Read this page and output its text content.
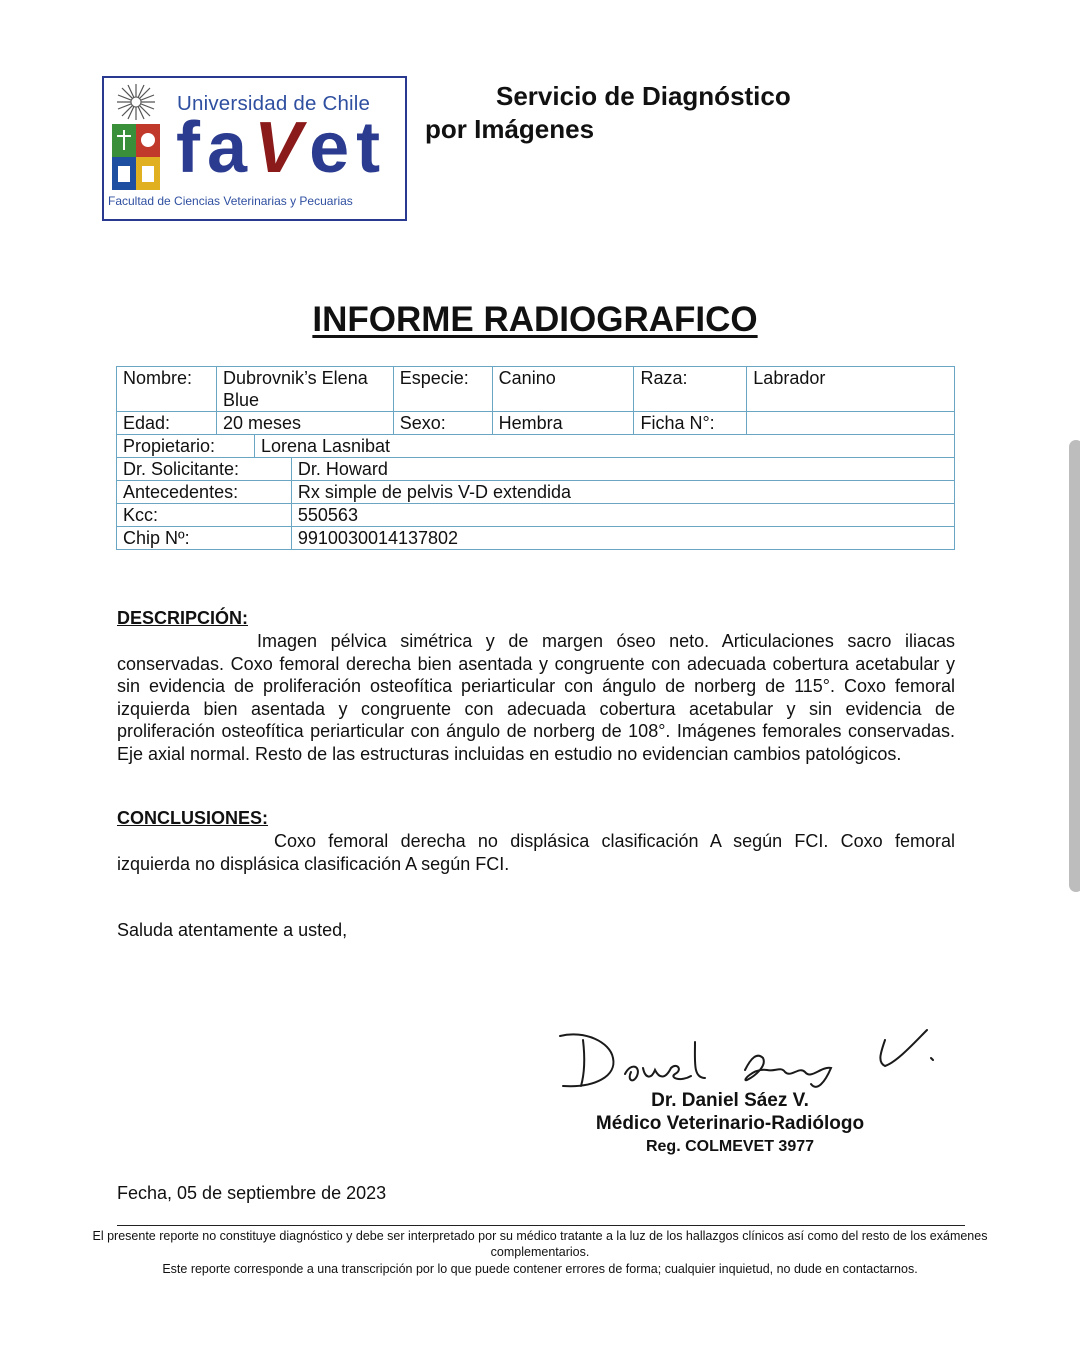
Universidad de Chile
faVet
Facultad de Ciencias Veterinarias y Pecuarias
Servicio de Diagnóstico
por Imágenes
INFORME RADIOGRAFICO
Nombre:	Dubrovnik’s Elena Blue			Especie:	Canino	Raza:	Labrador
Edad:	20 meses			Sexo:	Hembra	Ficha N°:	
Propietario:		Lorena Lasnibat					
Dr. Solicitante:			Dr. Howard				
Antecedentes:			Rx simple de pelvis V-D extendida				
Kcc:			550563				
Chip Nº:			9910030014137802				
DESCRIPCIÓN:
Imagen pélvica simétrica y de margen óseo neto. Articulaciones sacro iliacas conservadas. Coxo femoral derecha bien asentada y congruente con adecuada cobertura acetabular y sin evidencia de proliferación osteofítica periarticular con ángulo de norberg de 115°. Coxo femoral izquierda bien asentada y congruente con adecuada cobertura acetabular y sin evidencia de proliferación osteofítica periarticular con ángulo de norberg de 108°. Imágenes femorales conservadas. Eje axial normal. Resto de las estructuras incluidas en estudio no evidencian cambios patológicos.
CONCLUSIONES:
Coxo femoral derecha no displásica clasificación A según FCI. Coxo femoral izquierda no displásica clasificación A según FCI.
Saluda atentamente a usted,
Dr. Daniel Sáez V.
Médico Veterinario-Radiólogo
Reg. COLMEVET 3977
Fecha, 05 de septiembre de 2023
El presente reporte no constituye diagnóstico y debe ser interpretado por su médico tratante a la luz de los hallazgos clínicos así como del resto de los exámenes complementarios.
Este reporte corresponde a una transcripción por lo que puede contener errores de forma; cualquier inquietud, no dude en contactarnos.
